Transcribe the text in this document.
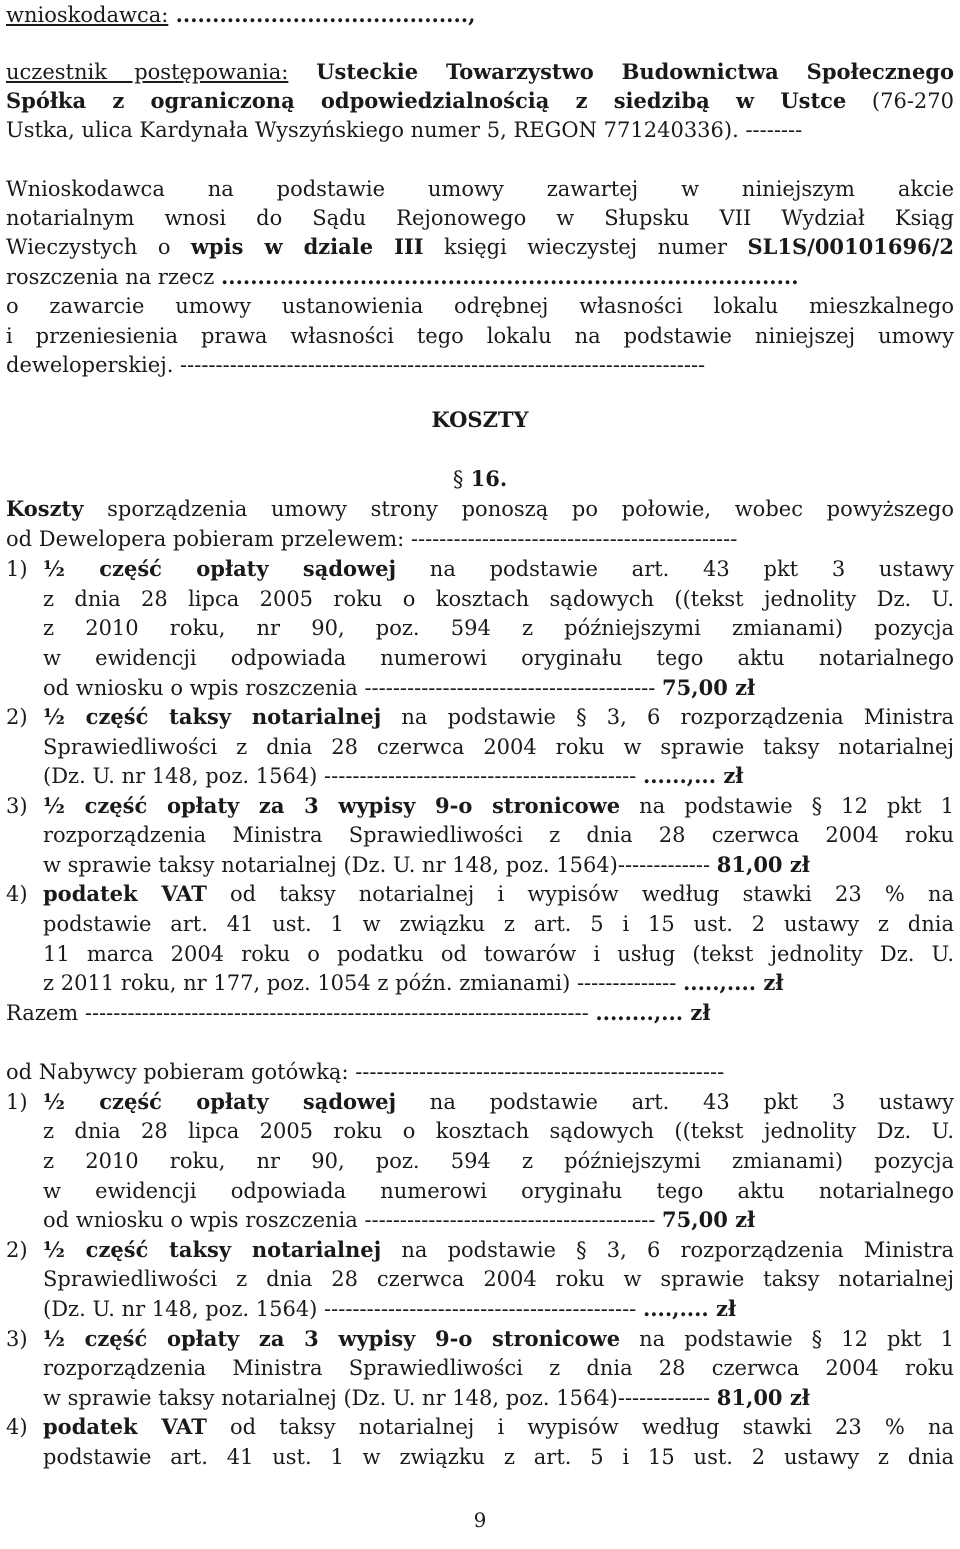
wnioskodawca: ........................................,
uczestnik postępowania: Usteckie Towarzystwo Budownictwa Społecznego
Spółka z ograniczoną odpowiedzialnością z siedzibą w Ustce (76-270
Ustka, ulica Kardynała Wyszyńskiego numer 5, REGON 771240336). --------
Wnioskodawca na podstawie umowy zawartej w niniejszym akcie
notarialnym wnosi do Sądu Rejonowego w Słupsku VII Wydział Ksiąg
Wieczystych o wpis w dziale III księgi wieczystej numer SL1S/00101696/2
roszczenia na rzecz ...............................................................................
o zawarcie umowy ustanowienia odrębnej własności lokalu mieszkalnego
i przeniesienia prawa własności tego lokalu na podstawie niniejszej umowy
deweloperskiej. --------------------------------------------------------------------------
KOSZTY
§ 16.
Koszty sporządzenia umowy strony ponoszą po połowie, wobec powyższego
od Dewelopera pobieram przelewem: ----------------------------------------------
1) ½ część opłaty sądowej na podstawie art. 43 pkt 3 ustawy
z dnia 28 lipca 2005 roku o kosztach sądowych ((tekst jednolity Dz. U.
z 2010 roku, nr 90, poz. 594 z późniejszymi zmianami) pozycja
w ewidencji odpowiada numerowi oryginału tego aktu notarialnego
od wniosku o wpis roszczenia ----------------------------------------- 75,00 zł
2) ½ część taksy notarialnej na podstawie § 3, 6 rozporządzenia Ministra
Sprawiedliwości z dnia 28 czerwca 2004 roku w sprawie taksy notarialnej
(Dz. U. nr 148, poz. 1564) -------------------------------------------- ......,... zł
3) ½ część opłaty za 3 wypisy 9-o stronicowe na podstawie § 12 pkt 1
rozporządzenia Ministra Sprawiedliwości z dnia 28 czerwca 2004 roku
w sprawie taksy notarialnej (Dz. U. nr 148, poz. 1564)------------- 81,00 zł
4) podatek VAT od taksy notarialnej i wypisów według stawki 23 % na
podstawie art. 41 ust. 1 w związku z art. 5 i 15 ust. 2 ustawy z dnia
11 marca 2004 roku o podatku od towarów i usług (tekst jednolity Dz. U.
z 2011 roku, nr 177, poz. 1054 z późn. zmianami) -------------- .....,.... zł
Razem ----------------------------------------------------------------------- ........,... zł
od Nabywcy pobieram gotówką: ----------------------------------------------------
1) ½ część opłaty sądowej na podstawie art. 43 pkt 3 ustawy
z dnia 28 lipca 2005 roku o kosztach sądowych ((tekst jednolity Dz. U.
z 2010 roku, nr 90, poz. 594 z późniejszymi zmianami) pozycja
w ewidencji odpowiada numerowi oryginału tego aktu notarialnego
od wniosku o wpis roszczenia ----------------------------------------- 75,00 zł
2) ½ część taksy notarialnej na podstawie § 3, 6 rozporządzenia Ministra
Sprawiedliwości z dnia 28 czerwca 2004 roku w sprawie taksy notarialnej
(Dz. U. nr 148, poz. 1564) -------------------------------------------- ....,.... zł
3) ½ część opłaty za 3 wypisy 9-o stronicowe na podstawie § 12 pkt 1
rozporządzenia Ministra Sprawiedliwości z dnia 28 czerwca 2004 roku
w sprawie taksy notarialnej (Dz. U. nr 148, poz. 1564)------------- 81,00 zł
4) podatek VAT od taksy notarialnej i wypisów według stawki 23 % na
podstawie art. 41 ust. 1 w związku z art. 5 i 15 ust. 2 ustawy z dnia
9
